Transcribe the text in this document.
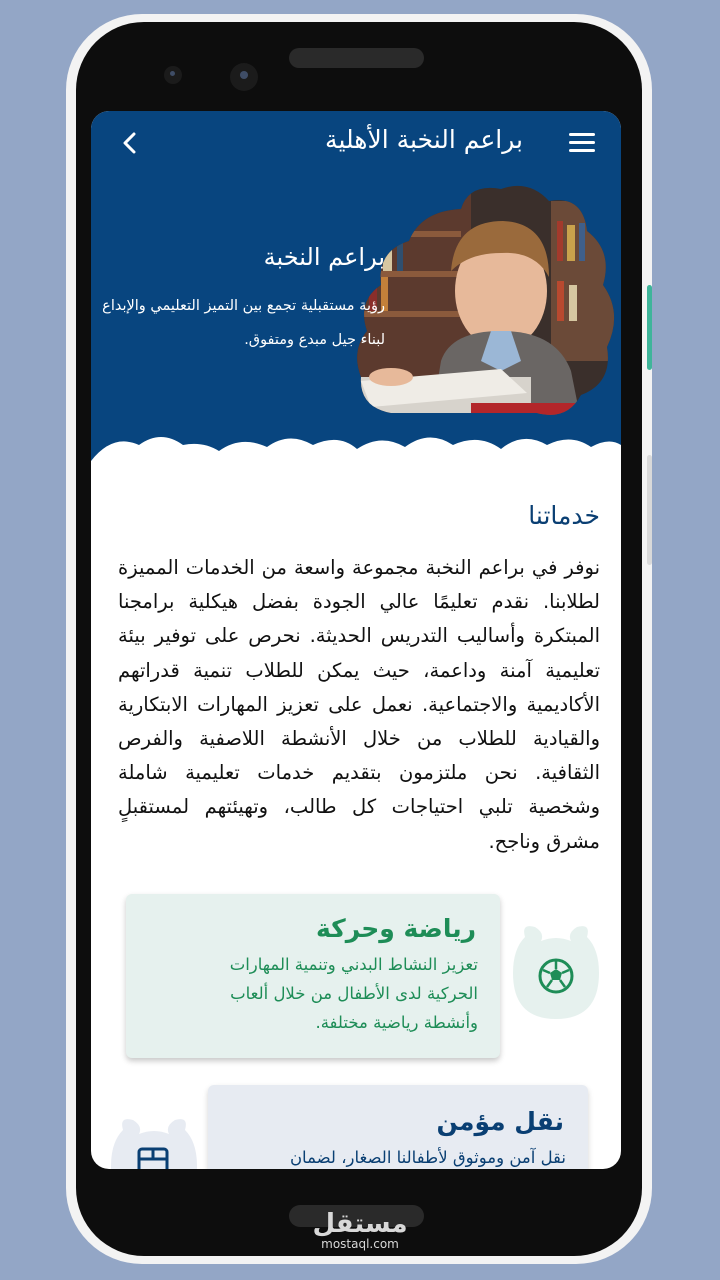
مستقل
mostaql.com
براعم النخبة الأهلية
براعم النخبة
رؤية مستقبلية تجمع بين التميز التعليمي والإبداع لبناء جيل مبدع ومتفوق.
خدماتنا
نوفر في براعم النخبة مجموعة واسعة من الخدمات المميزة لطلابنا. نقدم تعليمًا عالي الجودة بفضل هيكلية برامجنا المبتكرة وأساليب التدريس الحديثة. نحرص على توفير بيئة تعليمية آمنة وداعمة، حيث يمكن للطلاب تنمية قدراتهم الأكاديمية والاجتماعية. نعمل على تعزيز المهارات الابتكارية والقيادية للطلاب من خلال الأنشطة اللاصفية والفرص الثقافية. نحن ملتزمون بتقديم خدمات تعليمية شاملة وشخصية تلبي احتياجات كل طالب، وتهيئتهم لمستقبلٍ مشرق وناجح.
رياضة وحركة
تعزيز النشاط البدني وتنمية المهارات الحركية لدى الأطفال من خلال ألعاب وأنشطة رياضية مختلفة.
نقل مؤمن
نقل آمن وموثوق لأطفالنا الصغار، لضمان
